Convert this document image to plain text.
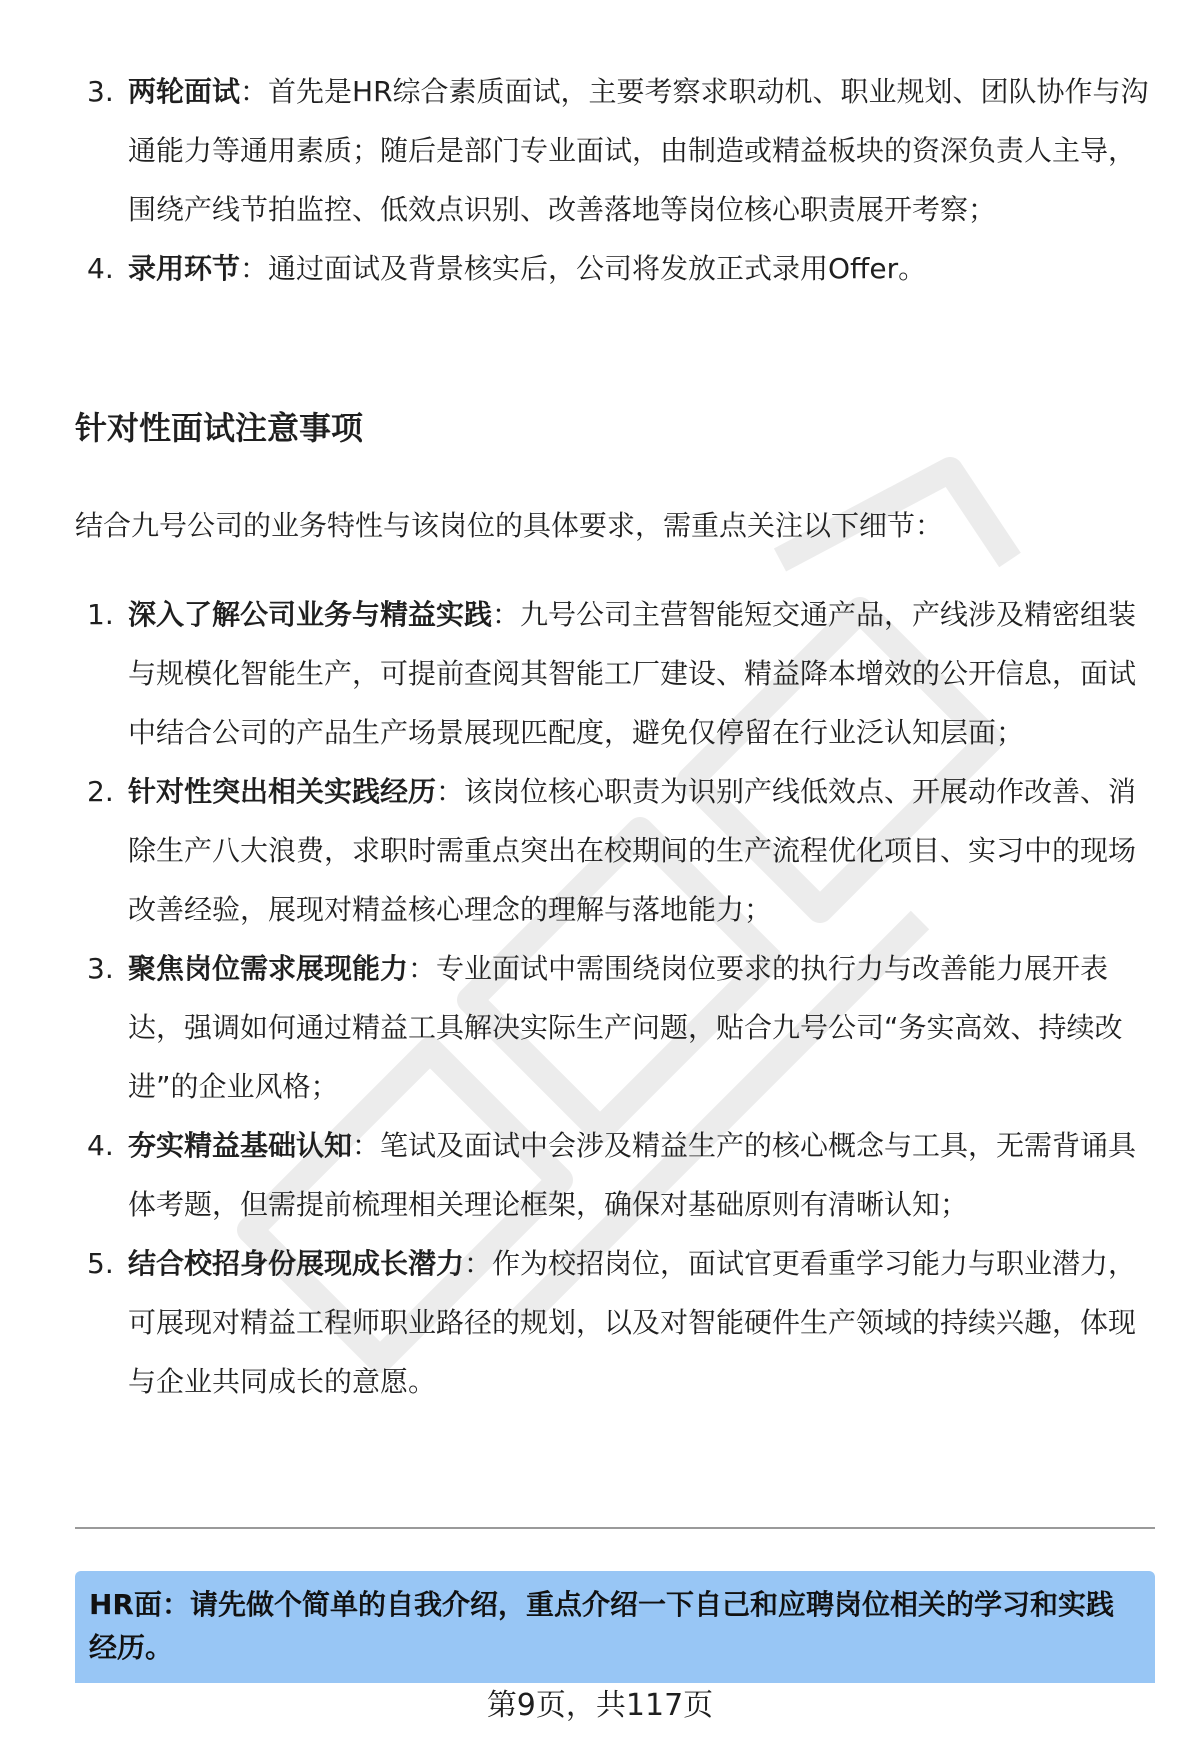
3. 两轮面试：首先是HR综合素质面试，主要考察求职动机、职业规划、团队协作与沟通能力等通用素质；随后是部门专业面试，由制造或精益板块的资深负责人主导，围绕产线节拍监控、低效点识别、改善落地等岗位核心职责展开考察；
4. 录用环节：通过面试及背景核实后，公司将发放正式录用Offer。
针对性面试注意事项

结合九号公司的业务特性与该岗位的具体要求，需重点关注以下细节：

1. 深入了解公司业务与精益实践：九号公司主营智能短交通产品，产线涉及精密组装与规模化智能生产，可提前查阅其智能工厂建设、精益降本增效的公开信息，面试中结合公司的产品生产场景展现匹配度，避免仅停留在行业泛认知层面；
2. 针对性突出相关实践经历：该岗位核心职责为识别产线低效点、开展动作改善、消除生产八大浪费，求职时需重点突出在校期间的生产流程优化项目、实习中的现场改善经验，展现对精益核心理念的理解与落地能力；
3. 聚焦岗位需求展现能力：专业面试中需围绕岗位要求的执行力与改善能力展开表达，强调如何通过精益工具解决实际生产问题，贴合九号公司“务实高效、持续改进”的企业风格；
4. 夯实精益基础认知：笔试及面试中会涉及精益生产的核心概念与工具，无需背诵具体考题，但需提前梳理相关理论框架，确保对基础原则有清晰认知；
5. 结合校招身份展现成长潜力：作为校招岗位，面试官更看重学习能力与职业潜力，可展现对精益工程师职业路径的规划，以及对智能硬件生产领域的持续兴趣，体现与企业共同成长的意愿。
HR面：请先做个简单的自我介绍，重点介绍一下自己和应聘岗位相关的学习和实践经历。
第9页，共117页
